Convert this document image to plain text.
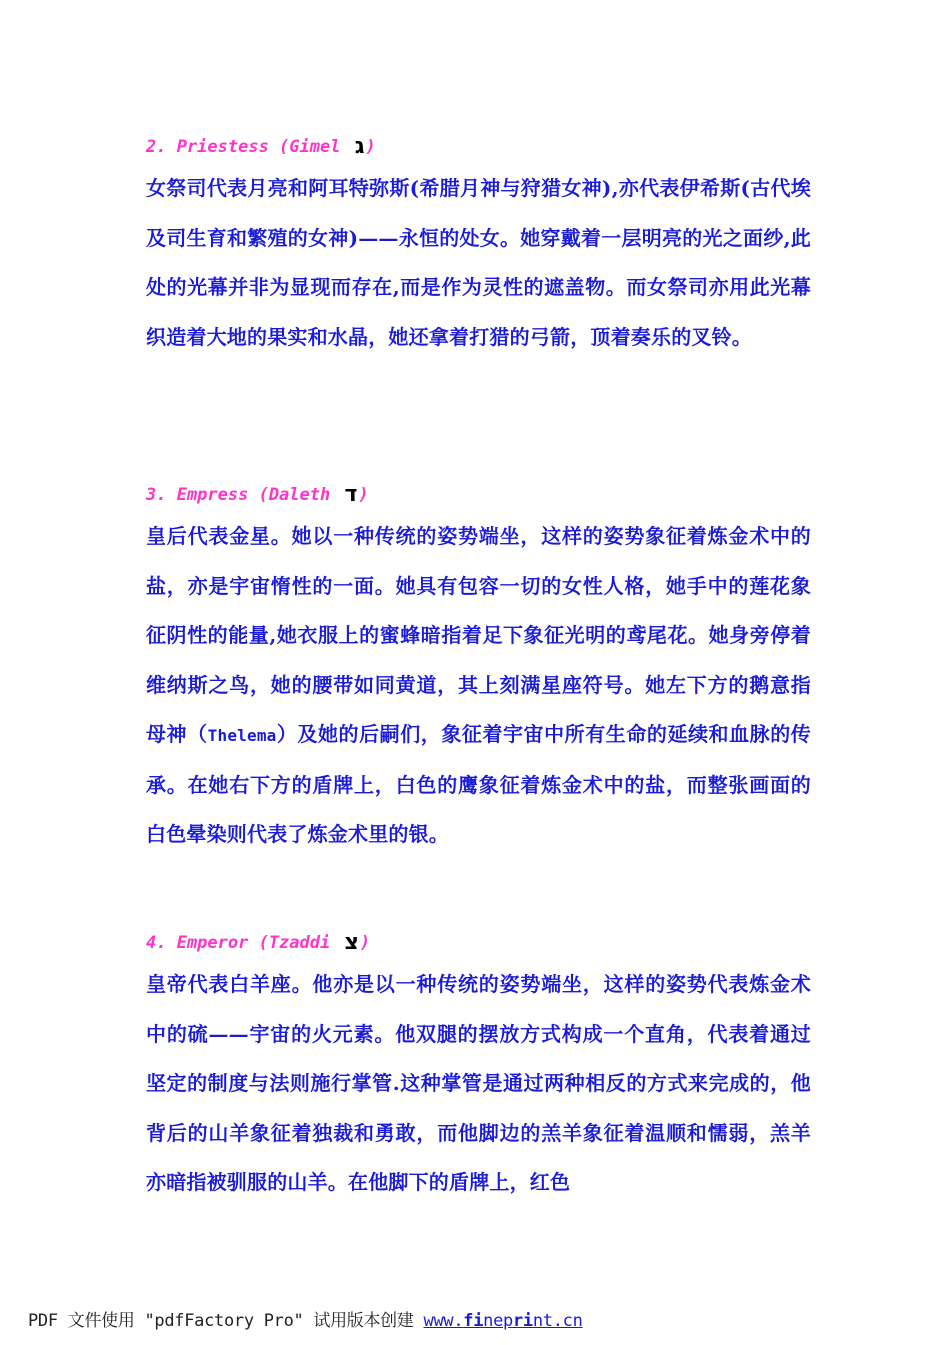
2. Priestess (Gimel ג)
女祭司代表月亮和阿耳特弥斯(希腊月神与狩猎女神),亦代表伊希斯(古代埃及司生育和繁殖的女神)——永恒的处女。她穿戴着一层明亮的光之面纱,此处的光幕并非为显现而存在,而是作为灵性的遮盖物。而女祭司亦用此光幕织造着大地的果实和水晶，她还拿着打猎的弓箭，顶着奏乐的叉铃。
3. Empress (Daleth ד)
皇后代表金星。她以一种传统的姿势端坐，这样的姿势象征着炼金术中的盐，亦是宇宙惰性的一面。她具有包容一切的女性人格，她手中的莲花象征阴性的能量,她衣服上的蜜蜂暗指着足下象征光明的鸢尾花。她身旁停着维纳斯之鸟，她的腰带如同黄道，其上刻满星座符号。她左下方的鹅意指母神（Thelema）及她的后嗣们，象征着宇宙中所有生命的延续和血脉的传承。在她右下方的盾牌上，白色的鹰象征着炼金术中的盐，而整张画面的白色晕染则代表了炼金术里的银。
4. Emperor (Tzaddi צ)
皇帝代表白羊座。他亦是以一种传统的姿势端坐，这样的姿势代表炼金术中的硫——宇宙的火元素。他双腿的摆放方式构成一个直角，代表着通过坚定的制度与法则施行掌管.这种掌管是通过两种相反的方式来完成的，他背后的山羊象征着独裁和勇敢，而他脚边的羔羊象征着温顺和懦弱，羔羊亦暗指被驯服的山羊。在他脚下的盾牌上，红色
PDF 文件使用 "pdfFactory Pro" 试用版本创建 www.fineprint.cn
